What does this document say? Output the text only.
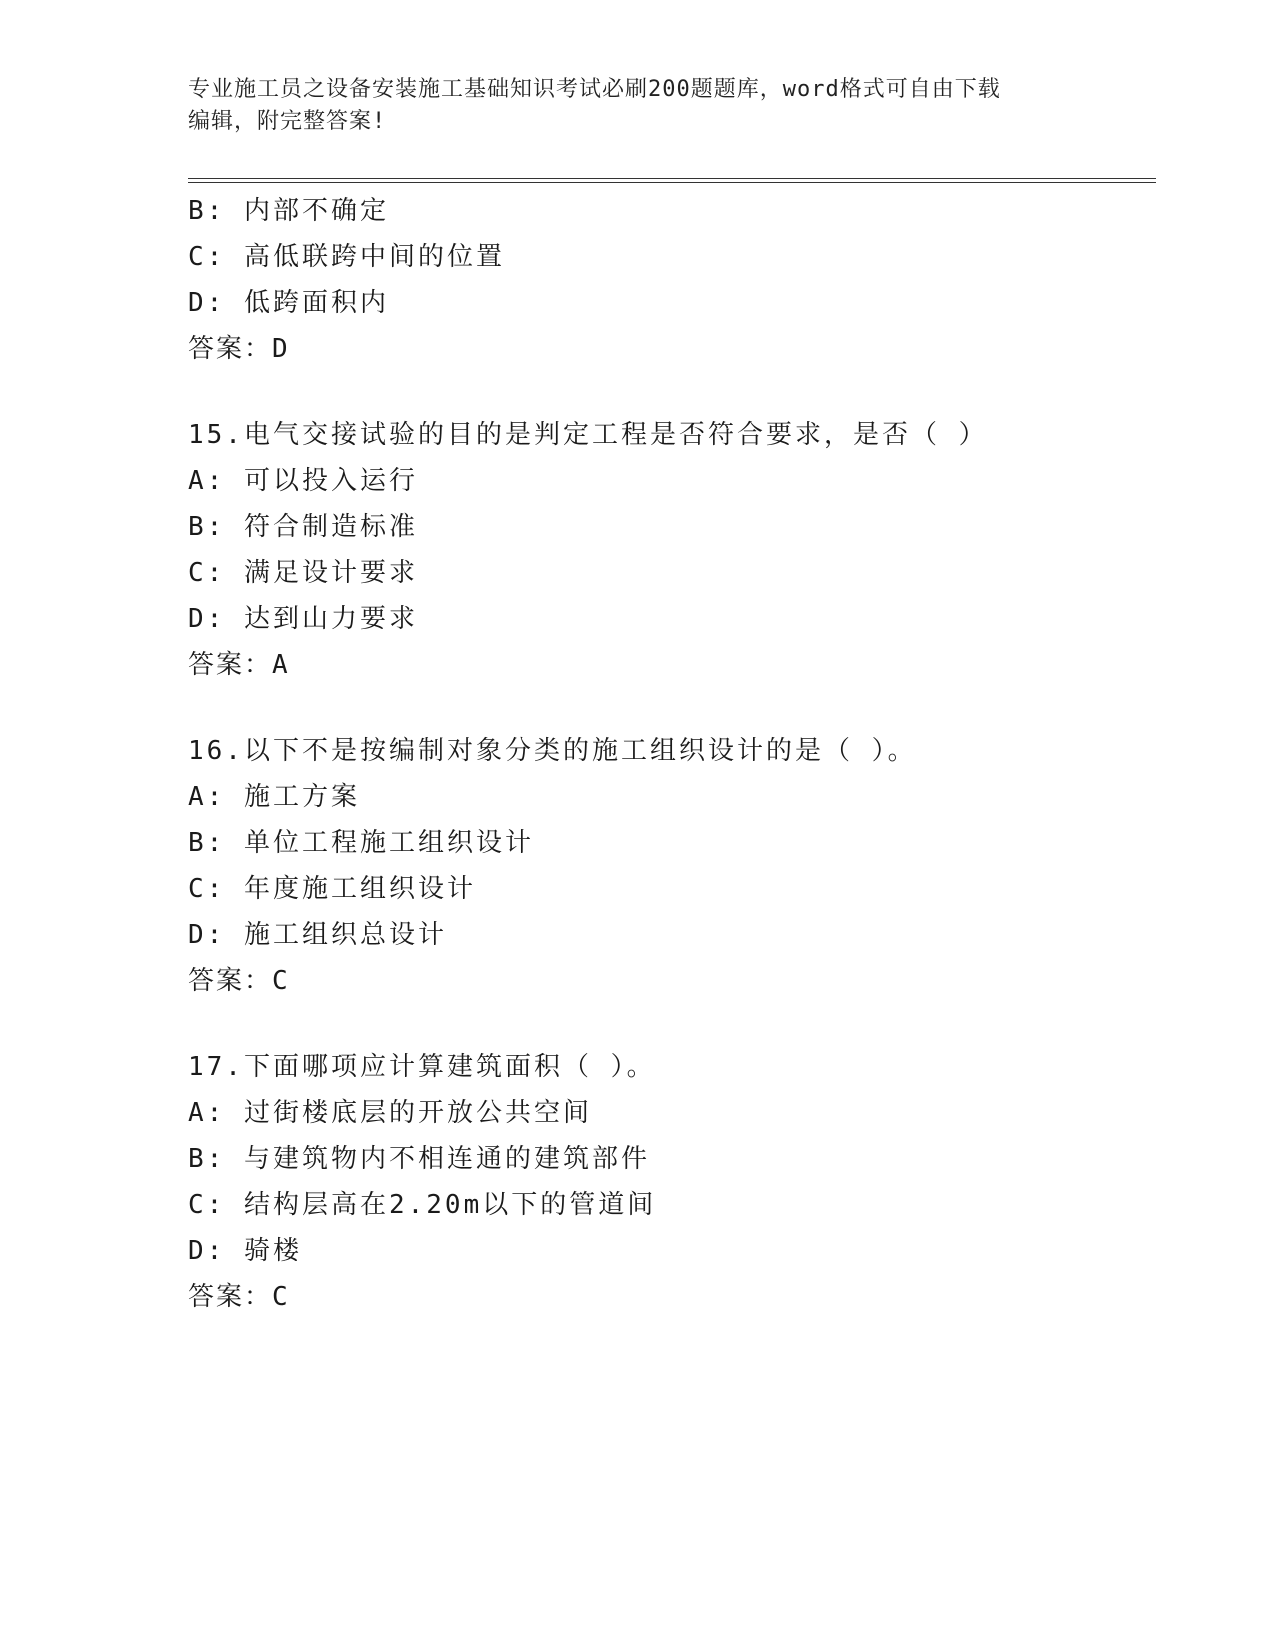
专业施工员之设备安装施工基础知识考试必刷200题题库，word格式可自由下载
编辑，附完整答案!
B: 内部不确定
C: 高低联跨中间的位置
D: 低跨面积内
答案：D
15.电气交接试验的目的是判定工程是否符合要求，是否（ ）
A: 可以投入运行
B: 符合制造标准
C: 满足设计要求
D: 达到山力要求
答案：A
16.以下不是按编制对象分类的施工组织设计的是（ ）。
A: 施工方案
B: 单位工程施工组织设计
C: 年度施工组织设计
D: 施工组织总设计
答案：C
17.下面哪项应计算建筑面积（ ）。
A: 过街楼底层的开放公共空间
B: 与建筑物内不相连通的建筑部件
C: 结构层高在2.20m以下的管道间
D: 骑楼
答案：C
